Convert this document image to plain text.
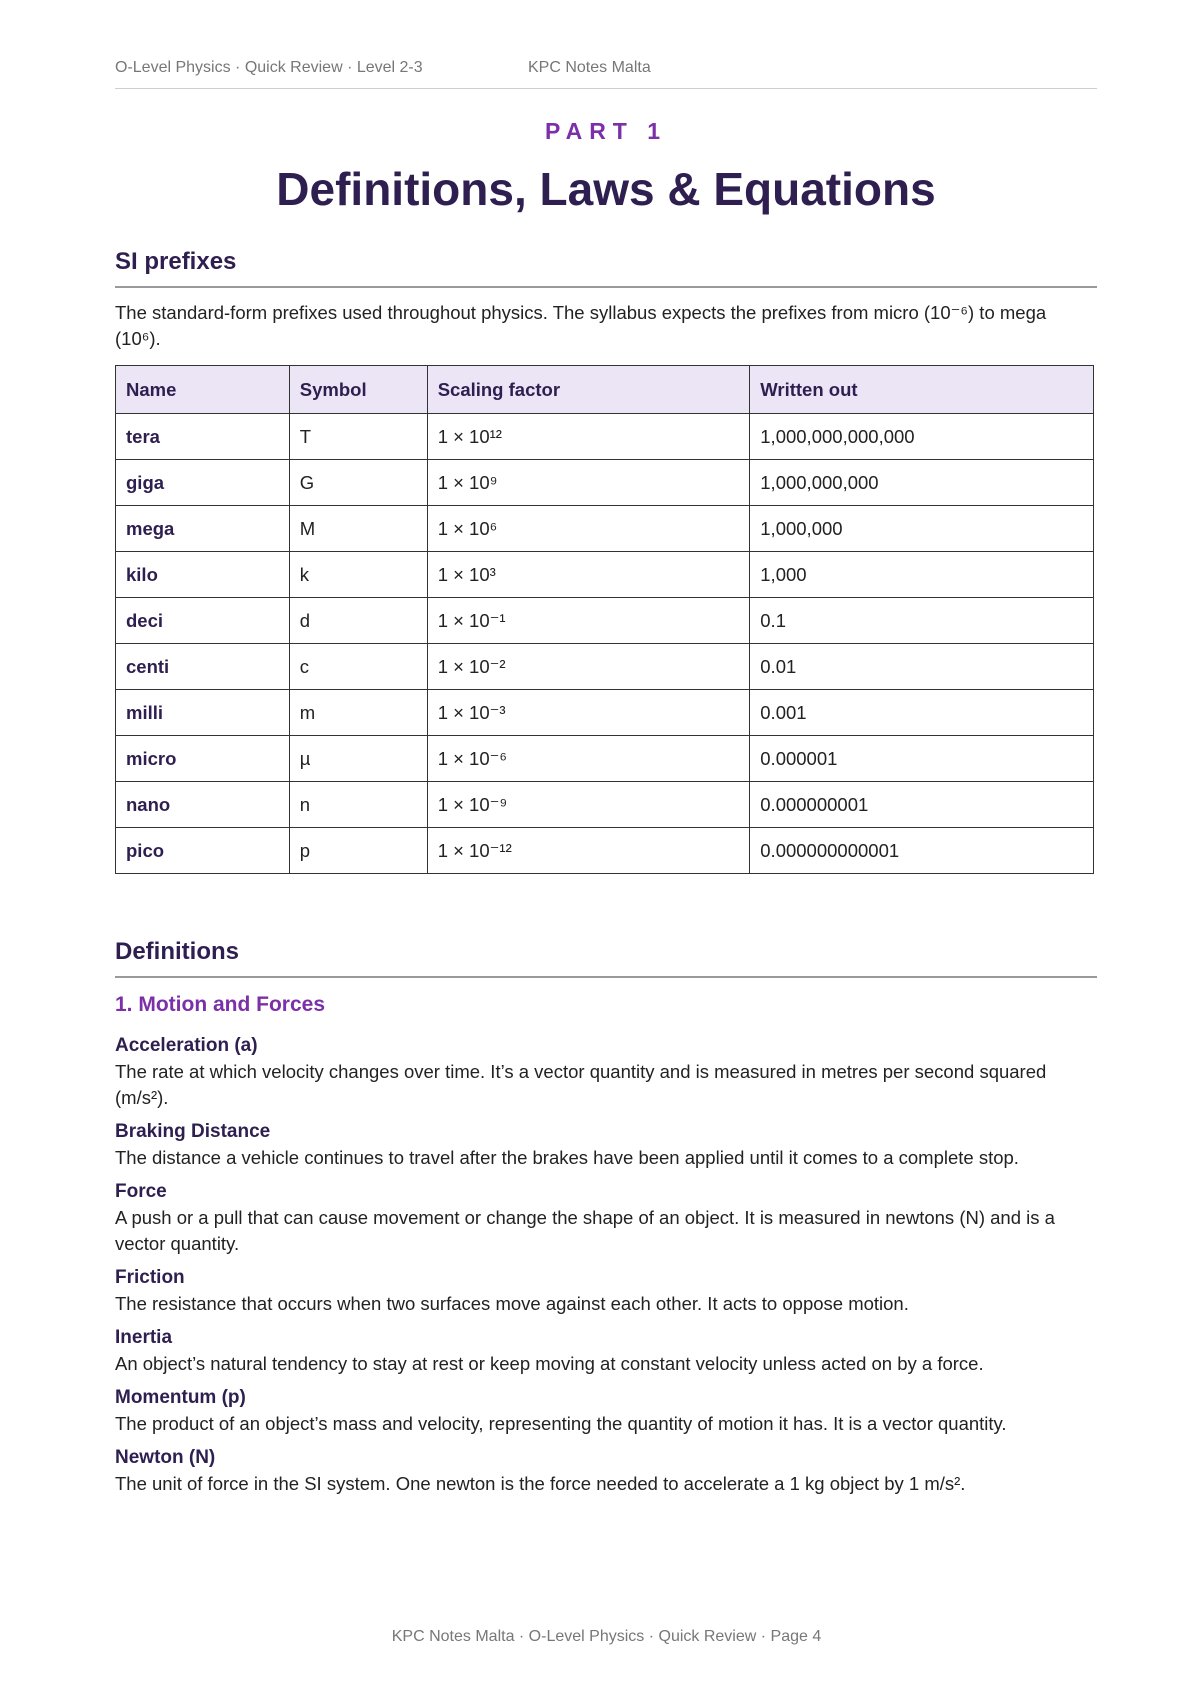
O-Level Physics · Quick Review · Level 2-3	KPC Notes Malta
PART 1
Definitions, Laws & Equations
SI prefixes

The standard-form prefixes used throughout physics. The syllabus expects the prefixes from micro (10⁻⁶) to mega (10⁶).

Name	Symbol	Scaling factor	Written out
tera	T	1 × 10¹²	1,000,000,000,000
giga	G	1 × 10⁹	1,000,000,000
mega	M	1 × 10⁶	1,000,000
kilo	k	1 × 10³	1,000
deci	d	1 × 10⁻¹	0.1
centi	c	1 × 10⁻²	0.01
milli	m	1 × 10⁻³	0.001
micro	µ	1 × 10⁻⁶	0.000001
nano	n	1 × 10⁻⁹	0.000000001
pico	p	1 × 10⁻¹²	0.000000000001
Definitions
1. Motion and Forces

Acceleration (a)

The rate at which velocity changes over time. It’s a vector quantity and is measured in metres per second squared (m/s²).

Braking Distance

The distance a vehicle continues to travel after the brakes have been applied until it comes to a complete stop.

Force

A push or a pull that can cause movement or change the shape of an object. It is measured in newtons (N) and is a vector quantity.

Friction

The resistance that occurs when two surfaces move against each other. It acts to oppose motion.

Inertia

An object’s natural tendency to stay at rest or keep moving at constant velocity unless acted on by a force.

Momentum (p)

The product of an object’s mass and velocity, representing the quantity of motion it has. It is a vector quantity.

Newton (N)

The unit of force in the SI system. One newton is the force needed to accelerate a 1 kg object by 1 m/s².

KPC Notes Malta · O-Level Physics · Quick Review · Page 4
